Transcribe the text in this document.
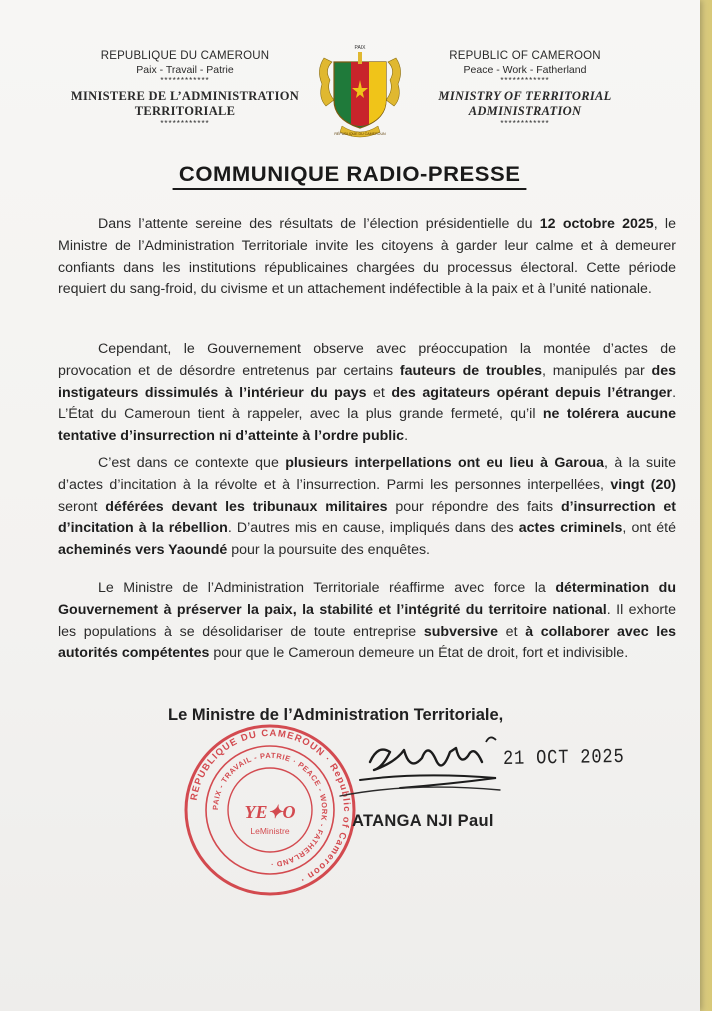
REPUBLIQUE DU CAMEROUN
Paix - Travail - Patrie
************
MINISTERE DE L’ADMINISTRATION
TERRITORIALE
************
PAIX
RÉPUBLIQUE DU CAMEROUN
REPUBLIC OF CAMEROON
Peace - Work - Fatherland
************
MINISTRY OF TERRITORIAL
ADMINISTRATION
************
COMMUNIQUE RADIO-PRESSE
Dans l’attente sereine des résultats de l’élection présidentielle du 12 octobre 2025, le Ministre de l’Administration Territoriale invite les citoyens à garder leur calme et à demeurer confiants dans les institutions républicaines chargées du processus électoral. Cette période requiert du sang-froid, du civisme et un attachement indéfectible à la paix et à l’unité nationale.
Cependant, le Gouvernement observe avec préoccupation la montée d’actes de provocation et de désordre entretenus par certains fauteurs de troubles, manipulés par des instigateurs dissimulés à l’intérieur du pays et des agitateurs opérant depuis l’étranger. L’État du Cameroun tient à rappeler, avec la plus grande fermeté, qu’il ne tolérera aucune tentative d’insurrection ni d’atteinte à l’ordre public.
C’est dans ce contexte que plusieurs interpellations ont eu lieu à Garoua, à la suite d’actes d’incitation à la révolte et à l’insurrection. Parmi les personnes interpellées, vingt (20) seront déférées devant les tribunaux militaires pour répondre des faits d’insurrection et d’incitation à la rébellion. D’autres mis en cause, impliqués dans des actes criminels, ont été acheminés vers Yaoundé pour la poursuite des enquêtes.
Le Ministre de l’Administration Territoriale réaffirme avec force la détermination du Gouvernement à préserver la paix, la stabilité et l’intégrité du territoire national. Il exhorte les populations à se désolidariser de toute entreprise subversive et à collaborer avec les autorités compétentes pour que le Cameroun demeure un État de droit, fort et indivisible.
Le Ministre de l’Administration Territoriale,
REPUBLIQUE DU CAMEROUN · Republic of Cameroon ·
PAIX - TRAVAIL - PATRIE · PEACE - WORK - FATHERLAND ·
YE✦O
LeMinistre
21 OCT 2025
ATANGA NJI Paul
